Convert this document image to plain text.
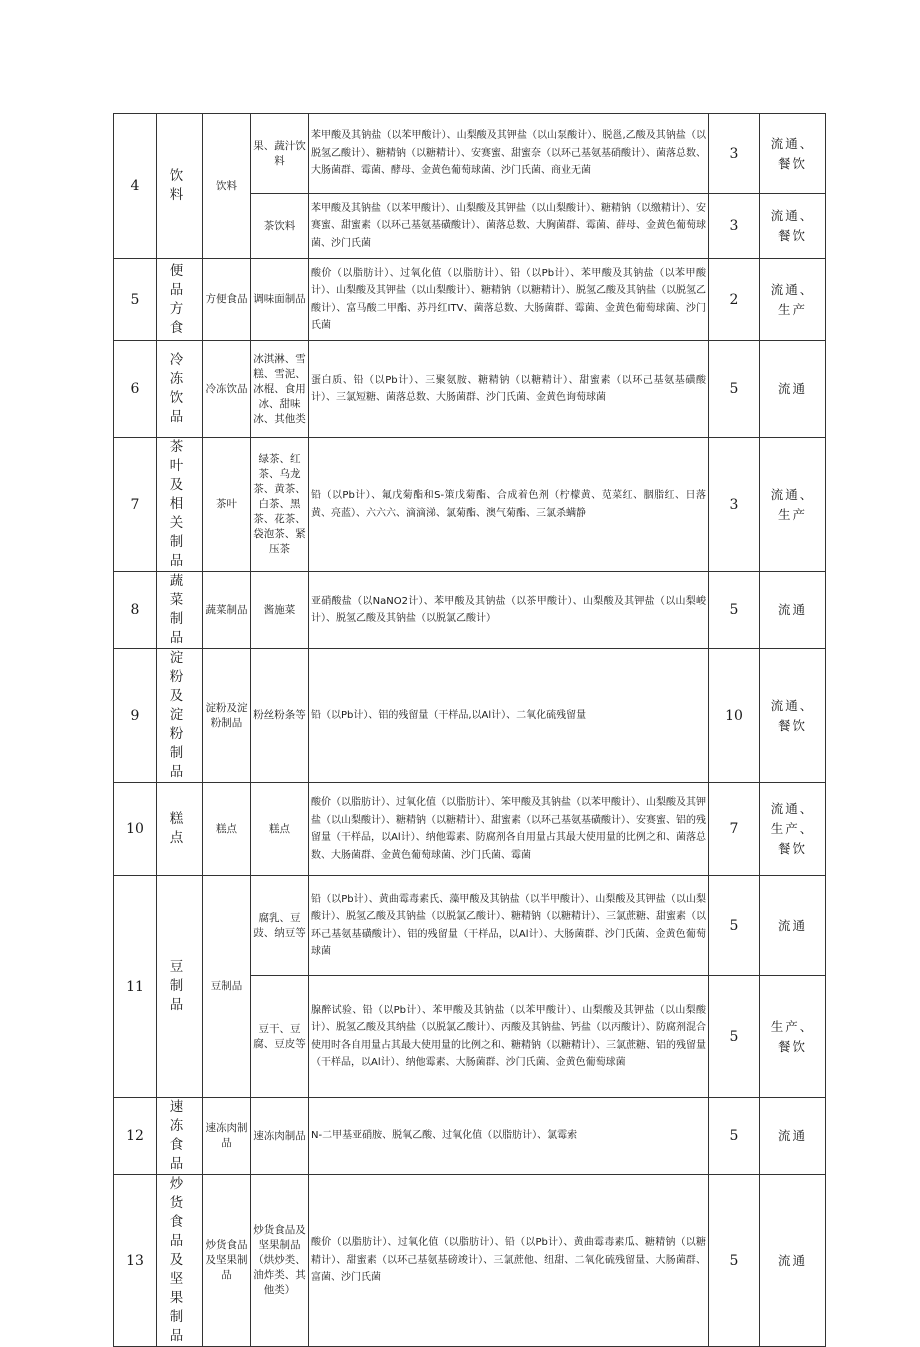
4	饮料	饮料	果、蔬汁饮料	苯甲酸及其钠盐（以苯甲酸计）、山梨酸及其钾盐（以山泵酸计）、脱邕,乙酸及其钠盐（以脱氢乙酸计）、糖精钠（以糖精计）、安赛蜜、甜蜜奈（以环己基氨基硝酸计）、菌落总数、大肠菌群、霉菌、酵母、金黄色葡萄球菌、沙门氏菌、商业无菌	3	流通、餐饮
			茶饮料	苯甲酸及其钠盐（以苯甲酸计）、山梨酸及其钾盐（以山梨酸计）、糖精钠（以缴精计）、安赛蜜、甜蜜素（以环己基氨基磺酸计）、菌落总数、大胸菌群、霉菌、薛母、金黄色葡萄球菌、沙门氏菌	3	流通、餐饮
5	便品方食	方便食品	调味面制品	酸价（以脂肪计）、过氧化值（以脂肪计）、铅（以Pb计）、苯甲酸及其钠盐（以苯甲酸计）、山梨酸及其钾盐（以山梨酸计）、糖精钠（以糖精计）、脱氢乙酸及其钠盐（以脱氢乙酸计）、富马酸二甲酯、苏丹红ITV、菌落总数、大肠菌群、霉菌、金黄色葡萄球菌、沙门氏菌	2	流通、生产
6	冷冻饮品	冷冻饮品	冰淇淋、雪糕、雪泥、冰棍、食用冰、甜味冰、其他类	蛋白质、铅（以Pb计）、三聚氨胺、糖精钠（以糖精计）、甜蜜素（以环己基氨基磺酸计）、三氯短糖、菌落总数、大肠菌群、沙门氏菌、金黄色询萄球菌	5	流通
7	茶叶及相关制品	茶叶	绿茶、红茶、乌龙茶、黄茶、白茶、黑茶、花茶、袋泡茶、紧压茶	铅（以Pb计）、氟戊菊酯和S-策戊菊酯、合成着色剂（柠檬黄、苋菜红、胭脂红、日落黄、亮蓝）、六六六、滴滴涕、氯菊酯、澳气菊酯、三氯杀螨静	3	流通、生产
8	蔬菜制品	蔬菜制品	酱施菜	亚硝酸盐（以NaNO2计）、苯甲酸及其钠盐（以茶甲酸计）、山梨酸及其钾盐（以山梨峻计）、脱氢乙酸及其钠盐（以脱氯乙酸计）	5	流通
9	淀粉及淀粉制品	淀粉及淀粉制品	粉丝粉条等	铅（以Pb计）、铝的残留量（干样品,以Al计）、二氧化硫残留量	10	流通、餐饮
10	糕点	糕点	糕点	酸价（以脂肪计）、过氧化值（以脂肪计）、笨甲酸及其钠盐（以苯甲酸计）、山梨酸及其钾盐（以山梨酸计）、糖精钠（以糖精计）、甜蜜素（以环己基氨基磺酸计）、安赛蜜、铝的残留量（干样品，以Al计）、纳他霉素、防腐剂各自用量占其最大使用量的比例之和、菌落总数、大肠菌群、金黄色葡萄球菌、沙门氏菌、霉菌	7	流通、生产、餐饮
11	豆制品	豆制品	腐乳、豆豉、纳豆等	铅（以Pb计）、黄曲霉毒素氏、藻甲酸及其钠盐（以半甲酸计）、山梨酸及其钾盐（以山梨酸计）、脱氢乙酸及其钠盐（以脱氯乙酸计）、糖精钠（以糖精计）、三氯蔗糖、甜蜜素（以环己基氨基磺酸计）、铝的残留量（干样品，以Al计）、大肠菌群、沙门氏菌、金黄色葡萄球菌	5	流通
			豆干、豆腐、豆皮等	腺醉试验、铅（以Pb计）、苯甲酸及其钠盐（以苯甲酸计）、山梨酸及其钾盐（以山梨酸计）、脱氢乙酸及其纳盐（以脱氯乙酸计）、丙酸及其钠盐、钙盐（以丙酸计）、防腐剂混合使用时各自用量占其最大使用量的比例之和、糖精钠（以糖精计）、三氯蔗糖、铝的残留量（干样品，以Al计）、纳他霉素、大肠菌群、沙门氏菌、金黄色葡萄球菌	5	生产、餐饮
12	速冻食品	速冻肉制品	速冻肉制品	N-二甲基亚硝胺、脱氧乙酸、过氧化值（以脂肪计）、氯霉索	5	流通
13	炒货食品及坚果制品	炒货食品及坚果制品	炒货食品及坚果制品（烘炒类、油炸类、其他类）	酸价（以脂肪计）、过氧化值（以脂肪计）、铅（以Pb计）、黄曲霉毒素瓜、糖精钠（以糖精计）、甜蜜素（以环己基氨基磅竣计）、三氯蔗他、纽甜、二氧化硫残留量、大肠菌群、富菌、沙门氏菌	5	流通
